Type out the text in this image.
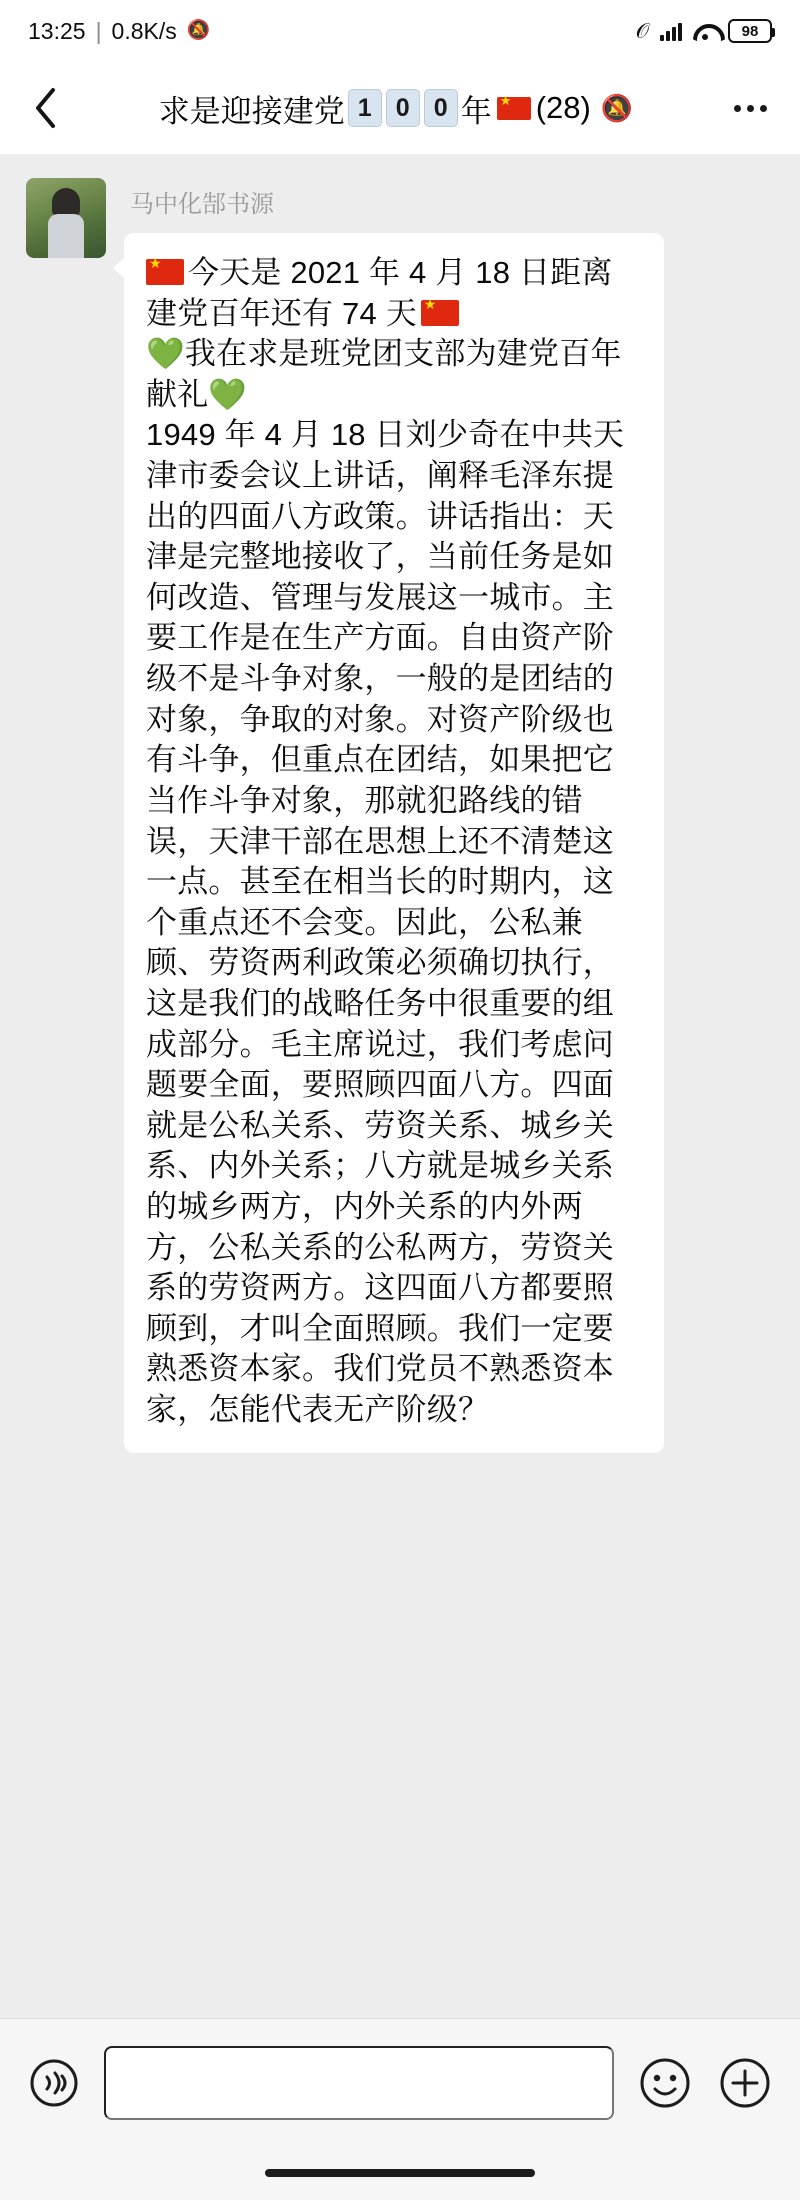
13:25 | 0.8K/s 🔕	𝒪	98
求是迎接建党 1 0 0 年 ★ (28) 🔕
马中化郜书源

★今天是 2021 年 4 月 18 日距离建党百年还有 74 天★

💚我在求是班党团支部为建党百年献礼💚

1949 年 4 月 18 日刘少奇在中共天津市委会议上讲话，阐释毛泽东提出的四面八方政策。讲话指出：天津是完整地接收了，当前任务是如何改造、管理与发展这一城市。主要工作是在生产方面。自由资产阶级不是斗争对象，一般的是团结的对象，争取的对象。对资产阶级也有斗争，但重点在团结，如果把它当作斗争对象，那就犯路线的错误，天津干部在思想上还不清楚这一点。甚至在相当长的时期内，这个重点还不会变。因此，公私兼顾、劳资两利政策必须确切执行，这是我们的战略任务中很重要的组成部分。毛主席说过，我们考虑问题要全面，要照顾四面八方。四面就是公私关系、劳资关系、城乡关系、内外关系；八方就是城乡关系的城乡两方，内外关系的内外两方，公私关系的公私两方，劳资关系的劳资两方。这四面八方都要照顾到，才叫全面照顾。我们一定要熟悉资本家。我们党员不熟悉资本家，怎能代表无产阶级？
